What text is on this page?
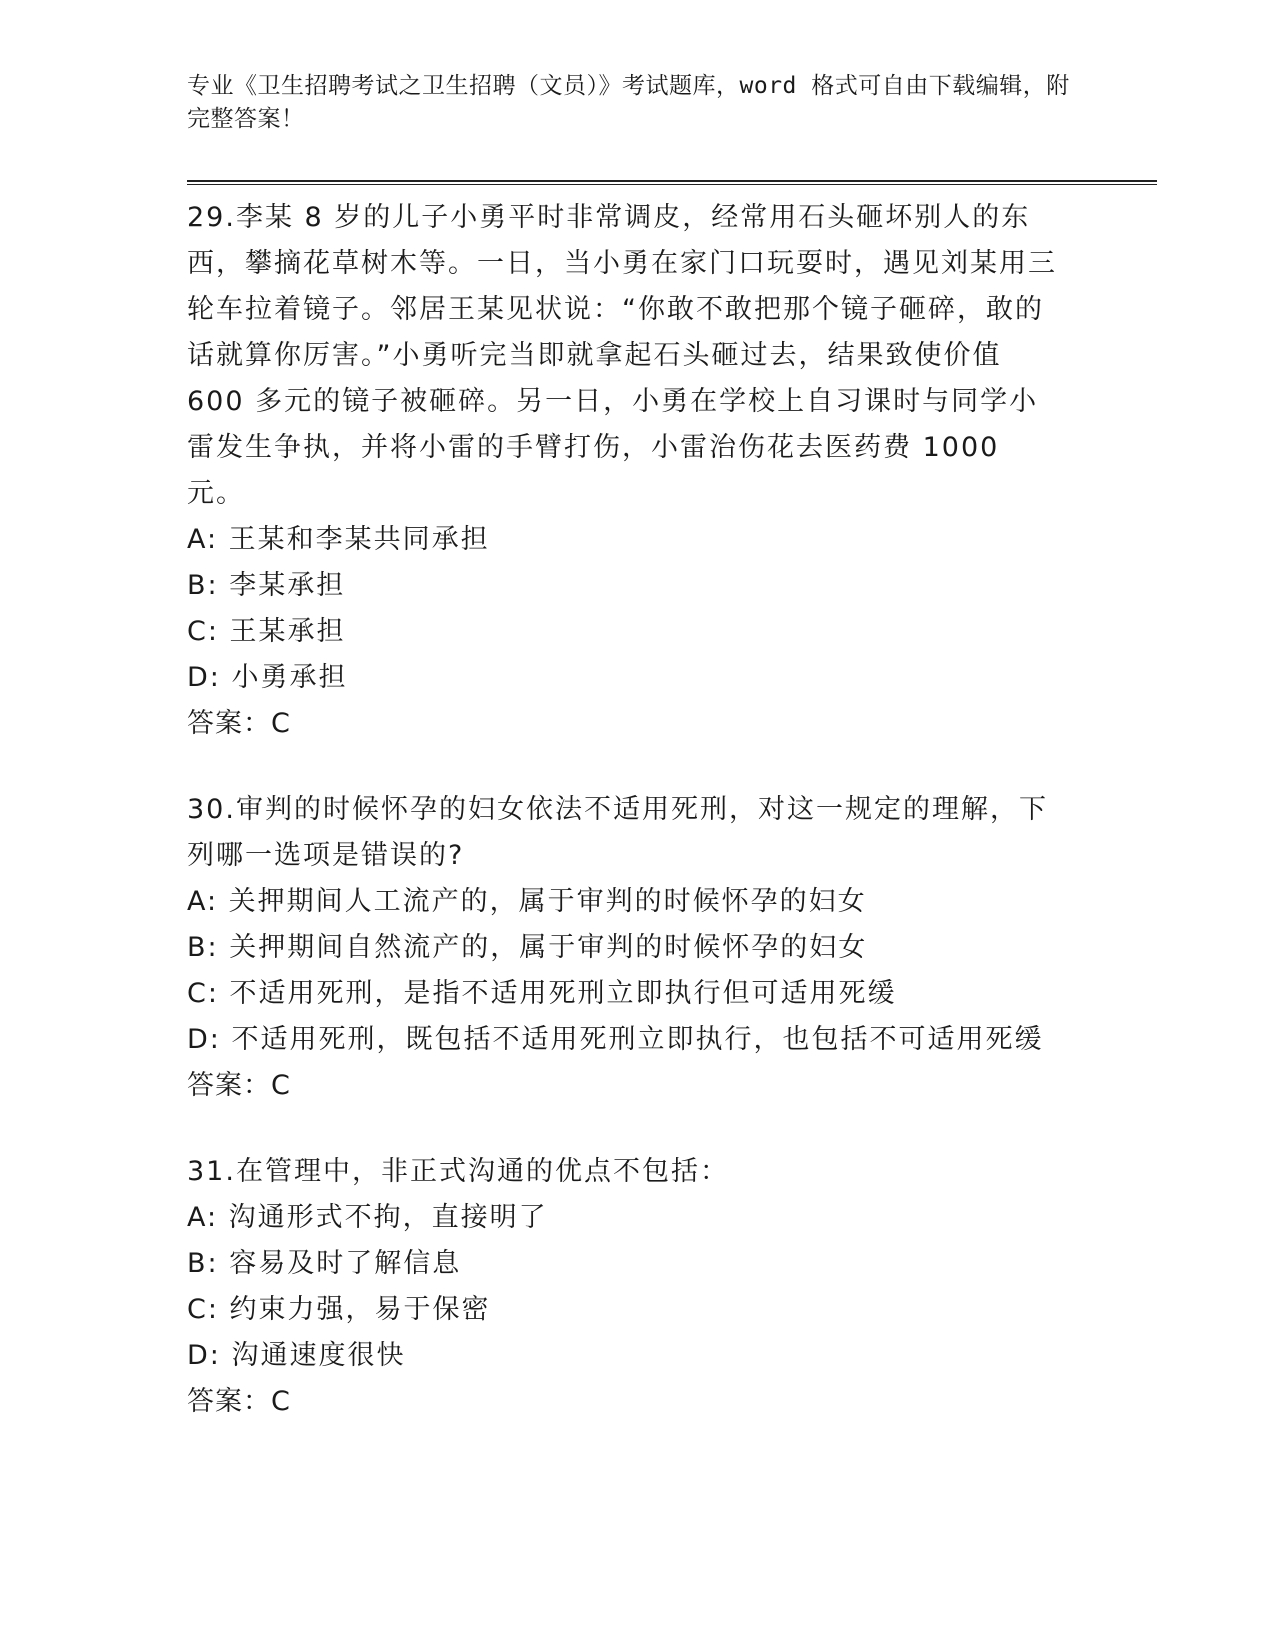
专业《卫生招聘考试之卫生招聘（文员）》考试题库，word 格式可自由下载编辑，附完整答案！

29.李某 8 岁的儿子小勇平时非常调皮，经常用石头砸坏别人的东西，攀摘花草树木等。一日，当小勇在家门口玩耍时，遇见刘某用三轮车拉着镜子。邻居王某见状说：“你敢不敢把那个镜子砸碎，敢的话就算你厉害。”小勇听完当即就拿起石头砸过去，结果致使价值 600 多元的镜子被砸碎。另一日，小勇在学校上自习课时与同学小雷发生争执，并将小雷的手臂打伤，小雷治伤花去医药费 1000 元。

A: 王某和李某共同承担

B: 李某承担

C: 王某承担

D: 小勇承担

答案：C

30.审判的时候怀孕的妇女依法不适用死刑，对这一规定的理解，下列哪一选项是错误的?

A: 关押期间人工流产的，属于审判的时候怀孕的妇女

B: 关押期间自然流产的，属于审判的时候怀孕的妇女

C: 不适用死刑，是指不适用死刑立即执行但可适用死缓

D: 不适用死刑，既包括不适用死刑立即执行，也包括不可适用死缓

答案：C

31.在管理中，非正式沟通的优点不包括：

A: 沟通形式不拘，直接明了

B: 容易及时了解信息

C: 约束力强，易于保密

D: 沟通速度很快

答案：C
